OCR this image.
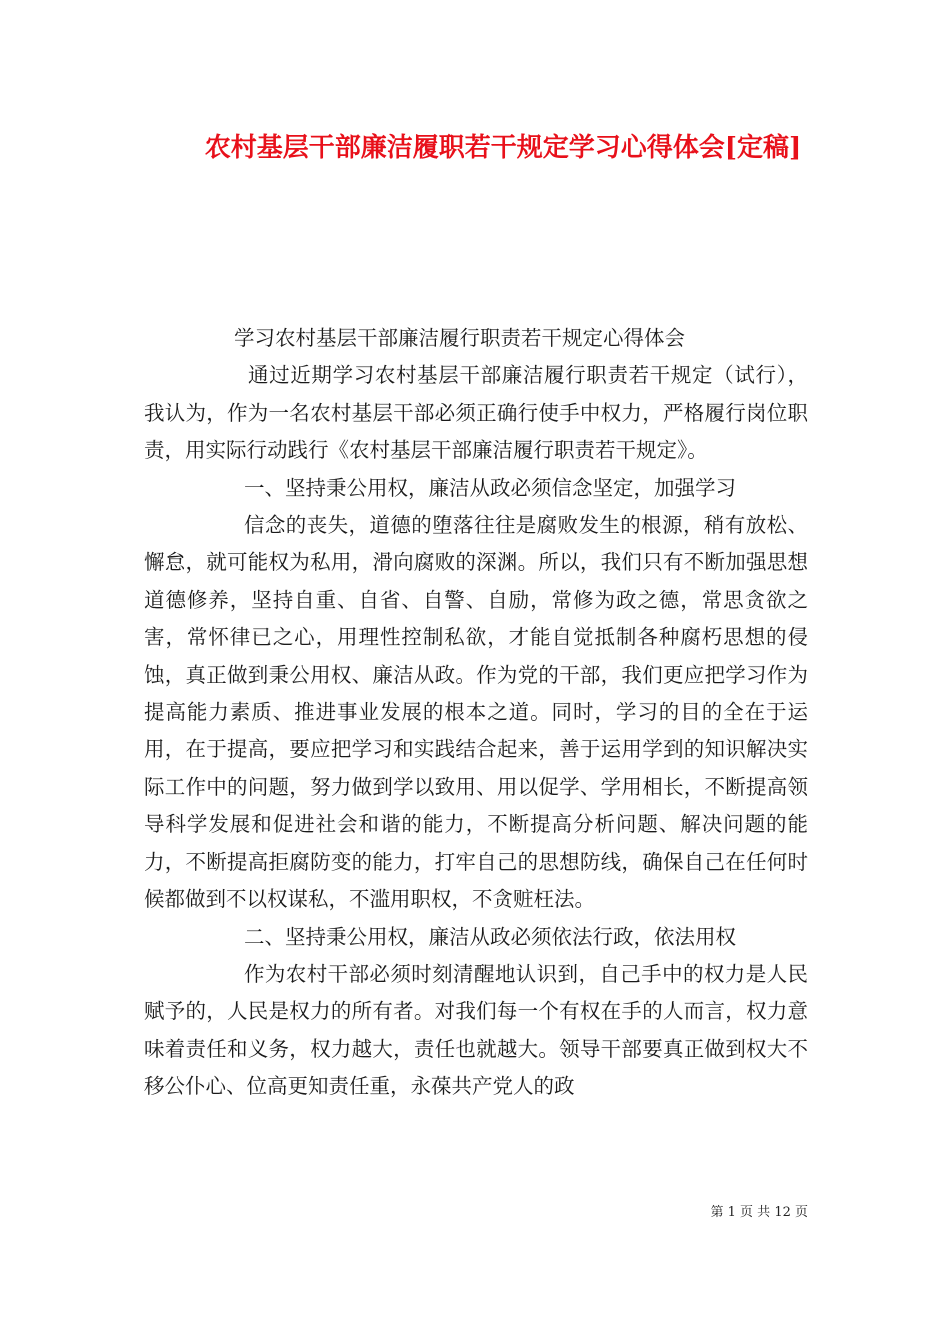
农村基层干部廉洁履职若干规定学习心得体会[定稿]

学习农村基层干部廉洁履行职责若干规定心得体会

通过近期学习农村基层干部廉洁履行职责若干规定（试行），我认为，作为一名农村基层干部必须正确行使手中权力，严格履行岗位职责，用实际行动践行《农村基层干部廉洁履行职责若干规定》。

一、坚持秉公用权，廉洁从政必须信念坚定，加强学习

信念的丧失，道德的堕落往往是腐败发生的根源，稍有放松、懈怠，就可能权为私用，滑向腐败的深渊。所以，我们只有不断加强思想道德修养，坚持自重、自省、自警、自励，常修为政之德，常思贪欲之害，常怀律已之心，用理性控制私欲，才能自觉抵制各种腐朽思想的侵蚀，真正做到秉公用权、廉洁从政。作为党的干部，我们更应把学习作为提高能力素质、推进事业发展的根本之道。同时，学习的目的全在于运用，在于提高，要应把学习和实践结合起来，善于运用学到的知识解决实际工作中的问题，努力做到学以致用、用以促学、学用相长，不断提高领导科学发展和促进社会和谐的能力，不断提高分析问题、解决问题的能力，不断提高拒腐防变的能力，打牢自己的思想防线，确保自己在任何时候都做到不以权谋私，不滥用职权，不贪赃枉法。

二、坚持秉公用权，廉洁从政必须依法行政，依法用权

作为农村干部必须时刻清醒地认识到，自己手中的权力是人民赋予的，人民是权力的所有者。对我们每一个有权在手的人而言，权力意味着责任和义务，权力越大，责任也就越大。领导干部要真正做到权大不移公仆心、位高更知责任重，永葆共产党人的政

第 1 页 共 12 页
